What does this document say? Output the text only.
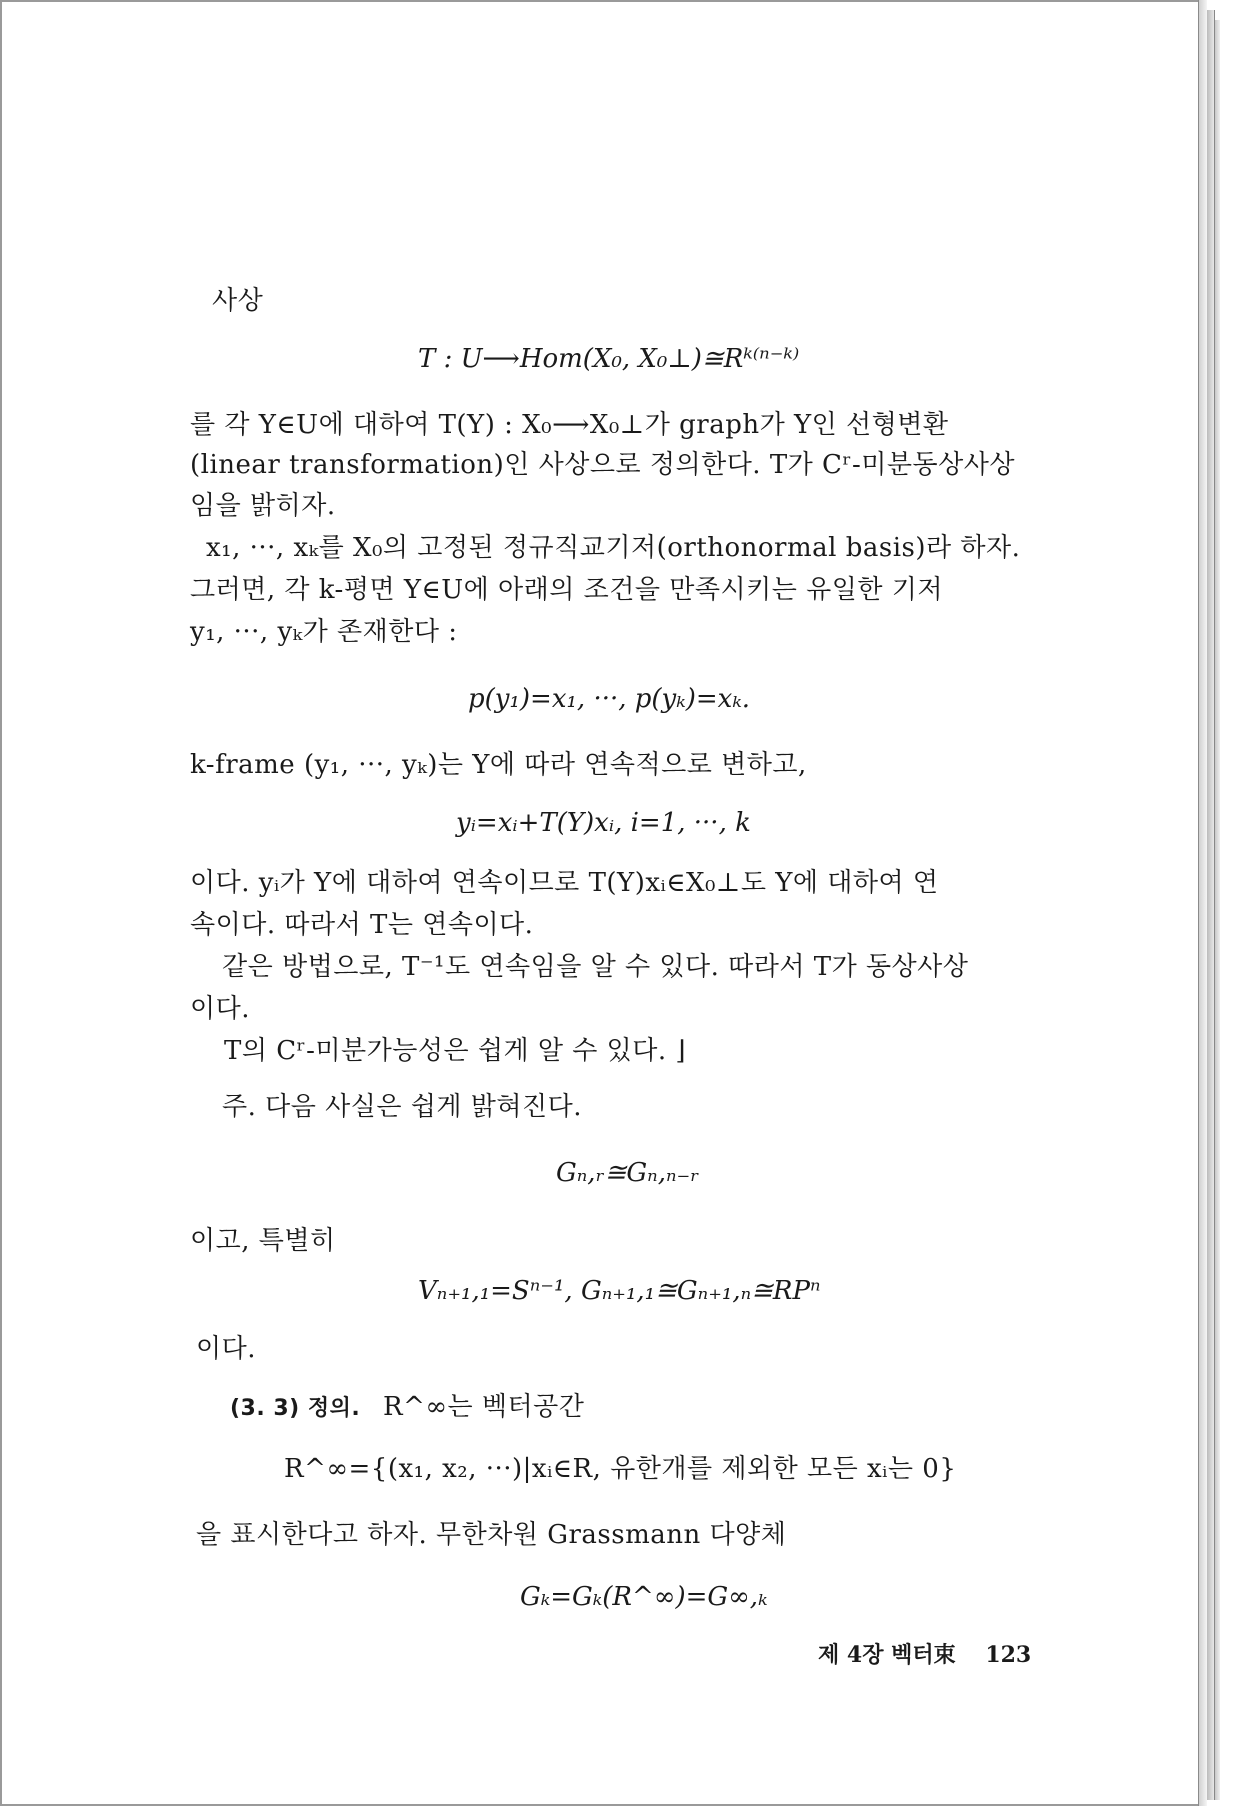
사상
T : U⟶Hom(X₀, X₀⊥)≅Rᵏ⁽ⁿ⁻ᵏ⁾
를 각 Y∈U에 대하여 T(Y) : X₀⟶X₀⊥가 graph가 Y인 선형변환
(linear transformation)인 사상으로 정의한다. T가 Cʳ-미분동상사상
임을 밝히자.
x₁, ···, xₖ를 X₀의 고정된 정규직교기저(orthonormal basis)라 하자.
그러면, 각 k-평면 Y∈U에 아래의 조건을 만족시키는 유일한 기저
y₁, ···, yₖ가 존재한다 :
p(y₁)=x₁, ···, p(yₖ)=xₖ.
k-frame (y₁, ···, yₖ)는 Y에 따라 연속적으로 변하고,
yᵢ=xᵢ+T(Y)xᵢ, i=1, ···, k
이다. yᵢ가 Y에 대하여 연속이므로 T(Y)xᵢ∈X₀⊥도 Y에 대하여 연
속이다. 따라서 T는 연속이다.
같은 방법으로, T⁻¹도 연속임을 알 수 있다. 따라서 T가 동상사상
이다.
T의 Cʳ-미분가능성은 쉽게 알 수 있다. ⌋
주. 다음 사실은 쉽게 밝혀진다.
Gₙ,ᵣ≅Gₙ,ₙ₋ᵣ
이고, 특별히
Vₙ₊₁,₁=Sⁿ⁻¹, Gₙ₊₁,₁≅Gₙ₊₁,ₙ≅RPⁿ
이다.
(3. 3) 정의. R^∞는 벡터공간
R^∞={(x₁, x₂, ···)|xᵢ∈R, 유한개를 제외한 모든 xᵢ는 0}
을 표시한다고 하자. 무한차원 Grassmann 다양체
Gₖ=Gₖ(R^∞)=G∞,ₖ
제 4장 벡터束 123
